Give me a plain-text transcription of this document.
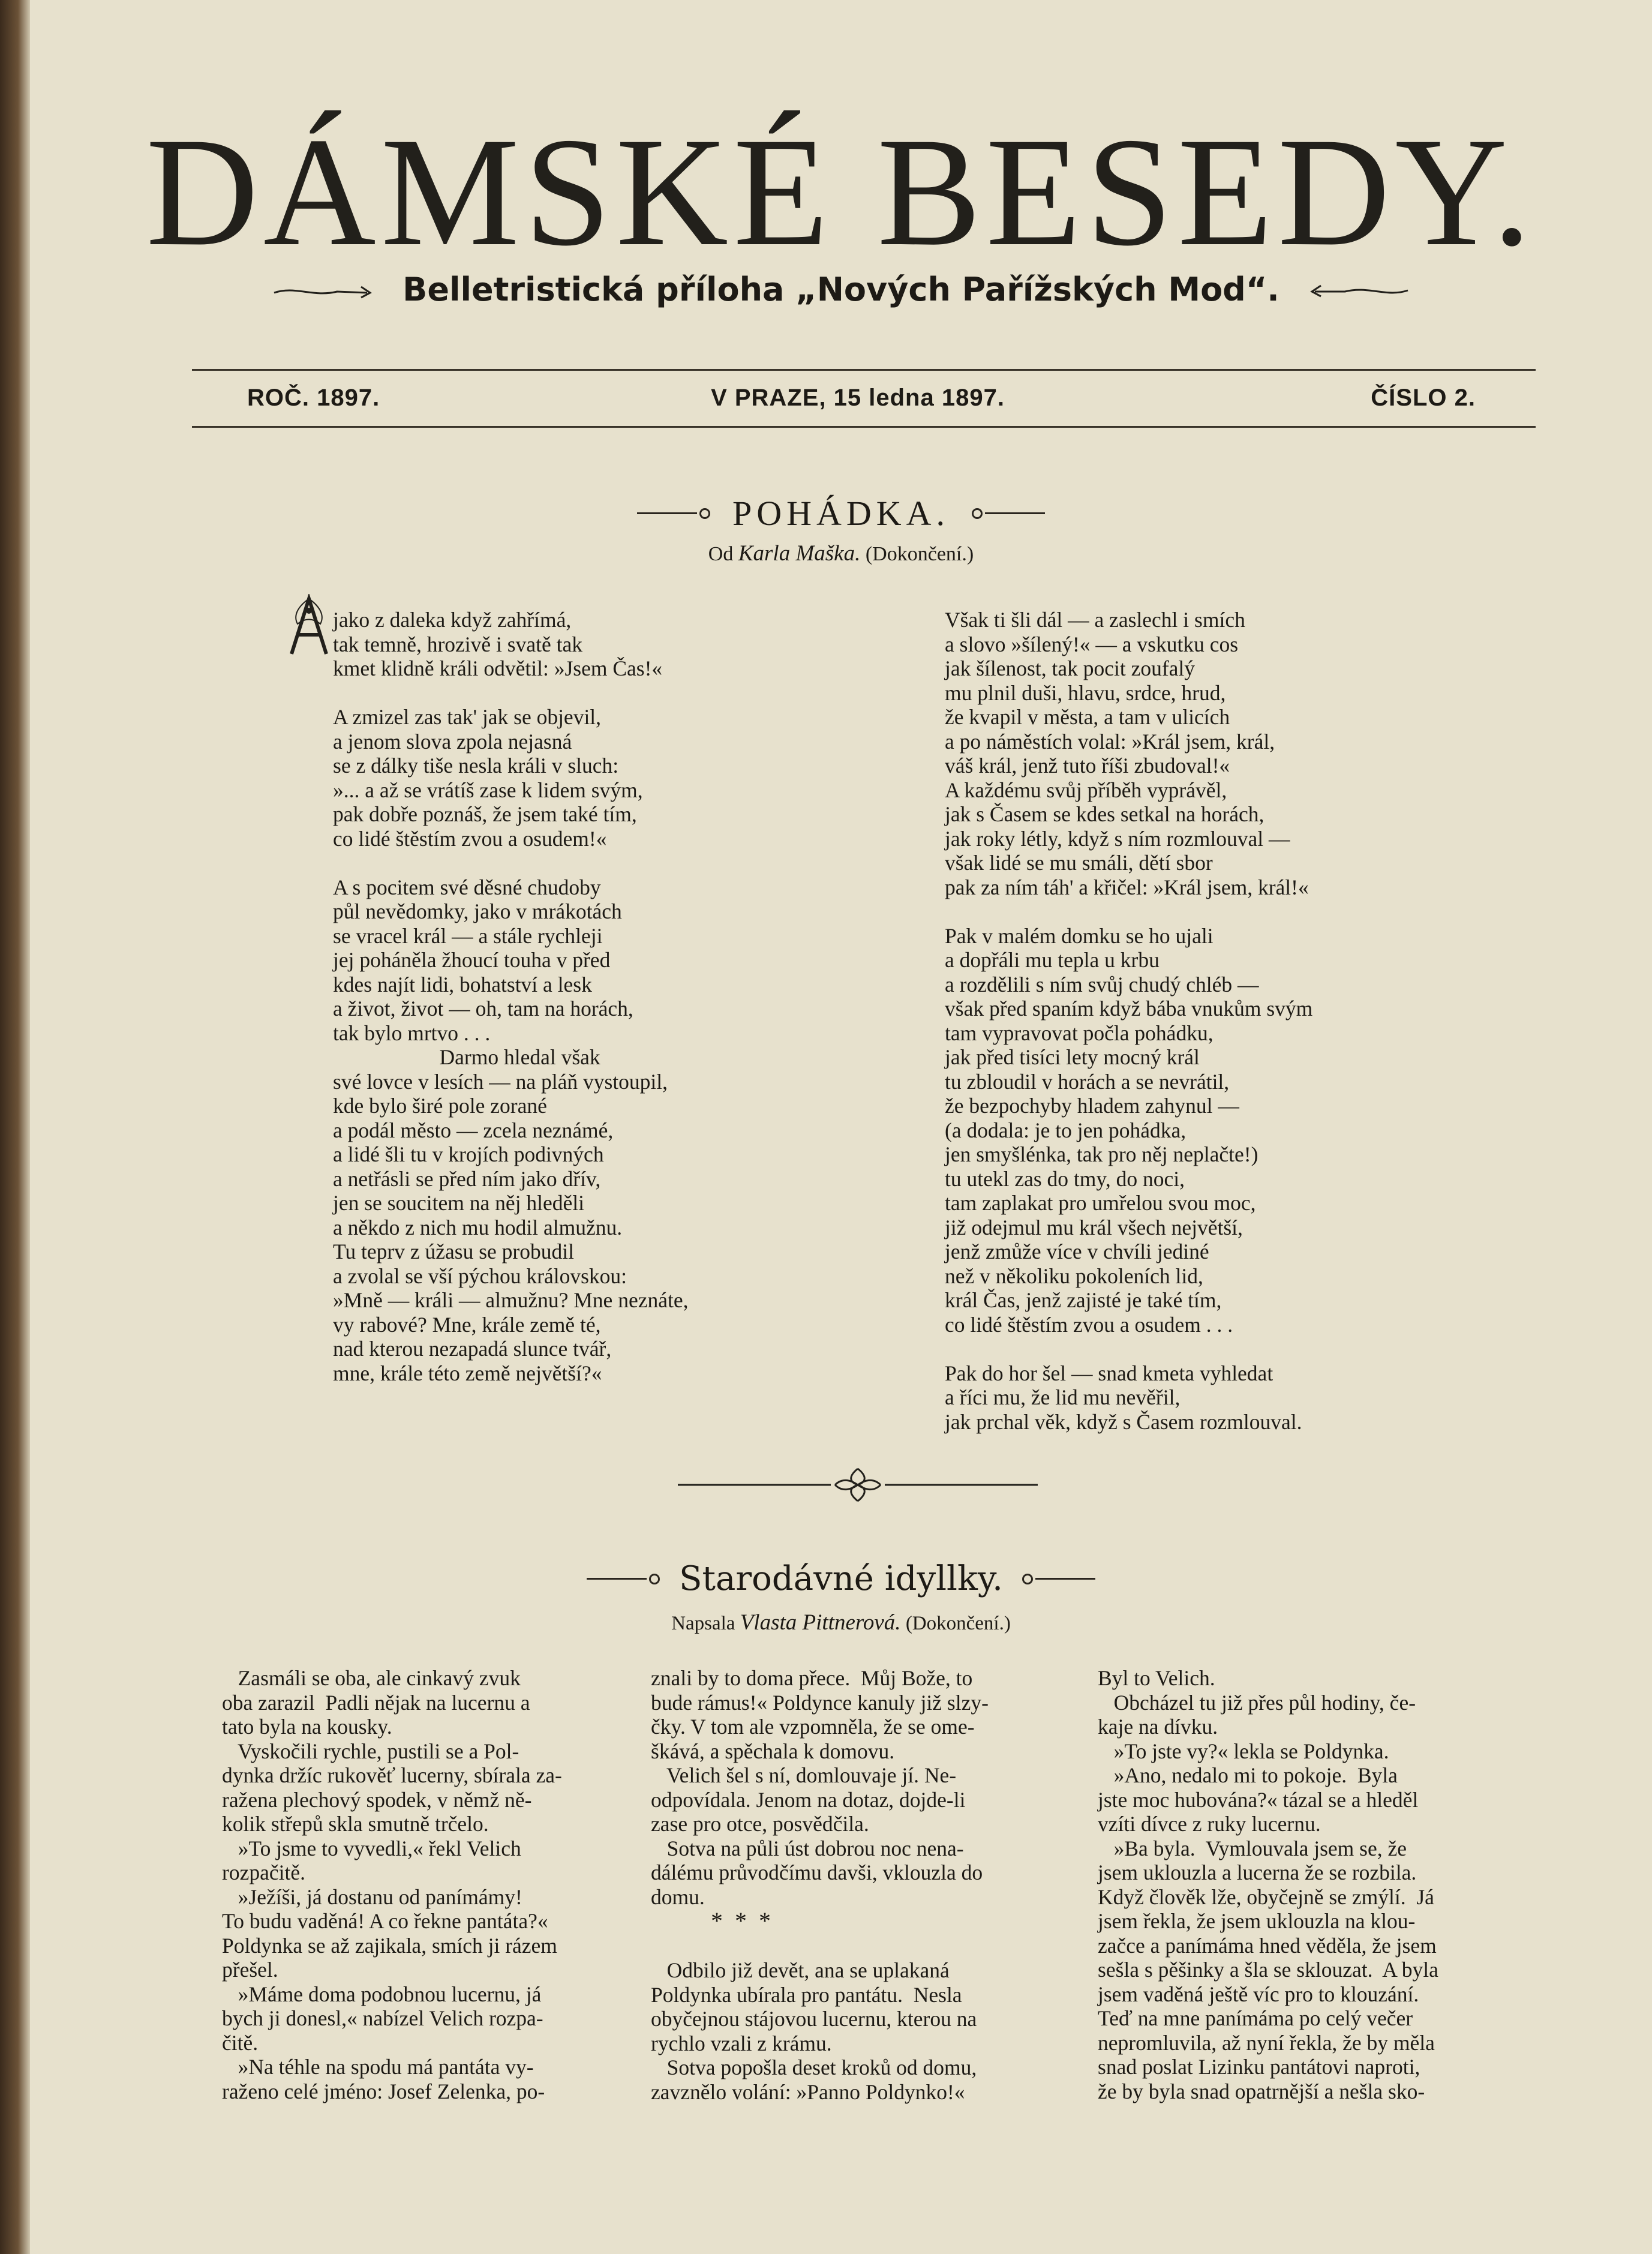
DÁMSKÉ BESEDY.
Belletristická příloha „Nových Pařížských Mod“.
ROČ. 1897.	V PRAZE, 15 ledna 1897.	ČÍSLO 2.
POHÁDKA.
Od Karla Maška. (Dokončení.)
jako z daleka když zahřímá,
tak temně, hrozivě i svatě tak
kmet klidně králi odvětil: »Jsem Čas!«

A zmizel zas tak' jak se objevil,
a jenom slova zpola nejasná
se z dálky tiše nesla králi v sluch:
»... a až se vrátíš zase k lidem svým,
pak dobře poznáš, že jsem také tím,
co lidé štěstím zvou a osudem!«

A s pocitem své děsné chudoby
půl nevědomky, jako v mrákotách
se vracel král — a stále rychleji
jej poháněla žhoucí touha v před
kdes najít lidi, bohatství a lesk
a život, život — oh, tam na horách,
tak bylo mrtvo . . .
Darmo hledal však
své lovce v lesích — na pláň vystoupil,
kde bylo širé pole zorané
a podál město — zcela neznámé,
a lidé šli tu v krojích podivných
a netřásli se před ním jako dřív,
jen se soucitem na něj hleděli
a někdo z nich mu hodil almužnu.
Tu teprv z úžasu se probudil
a zvolal se vší pýchou královskou:
»Mně — králi — almužnu? Mne neznáte,
vy rabové? Mne, krále země té,
nad kterou nezapadá slunce tvář,
mne, krále této země největší?«
Však ti šli dál — a zaslechl i smích
a slovo »šílený!« — a vskutku cos
jak šílenost, tak pocit zoufalý
mu plnil duši, hlavu, srdce, hrud,
že kvapil v města, a tam v ulicích
a po náměstích volal: »Král jsem, král,
váš král, jenž tuto říši zbudoval!«
A každému svůj příběh vyprávěl,
jak s Časem se kdes setkal na horách,
jak roky létly, když s ním rozmlouval —
však lidé se mu smáli, dětí sbor
pak za ním táh' a křičel: »Král jsem, král!«

Pak v malém domku se ho ujali
a dopřáli mu tepla u krbu
a rozdělili s ním svůj chudý chléb —
však před spaním když bába vnukům svým
tam vypravovat počla pohádku,
jak před tisíci lety mocný král
tu zbloudil v horách a se nevrátil,
že bezpochyby hladem zahynul —
(a dodala: je to jen pohádka,
jen smyšlénka, tak pro něj neplačte!)
tu utekl zas do tmy, do noci,
tam zaplakat pro umřelou svou moc,
již odejmul mu král všech největší,
jenž zmůže více v chvíli jediné
než v několiku pokoleních lid,
král Čas, jenž zajisté je také tím,
co lidé štěstím zvou a osudem . . .

Pak do hor šel — snad kmeta vyhledat
a říci mu, že lid mu nevěřil,
jak prchal věk, když s Časem rozmlouval.
Starodávné idyllky.
Napsala Vlasta Pittnerová. (Dokončení.)
Zasmáli se oba, ale cinkavý zvuk
oba zarazil  Padli nějak na lucernu a
tato byla na kousky.
Vyskočili rychle, pustili se a Pol-
dynka držíc rukověť lucerny, sbírala za-
ražena plechový spodek, v němž ně-
kolik střepů skla smutně trčelo.
»To jsme to vyvedli,« řekl Velich
rozpačitě.
»Ježíši, já dostanu od panímámy!
To budu vaděná! A co řekne pantáta?«
Poldynka se až zajikala, smích ji rázem
přešel.
»Máme doma podobnou lucernu, já
bych ji donesl,« nabízel Velich rozpa-
čitě.
»Na téhle na spodu má pantáta vy-
raženo celé jméno: Josef Zelenka, po-
znali by to doma přece.  Můj Bože, to
bude rámus!« Poldynce kanuly již slzy-
čky. V tom ale vzpomněla, že se ome-
škává, a spěchala k domovu.
Velich šel s ní, domlouvaje jí. Ne-
odpovídala. Jenom na dotaz, dojde-li
zase pro otce, posvědčila.
Sotva na půli úst dobrou noc nena-
dálému průvodčímu davši, vklouzla do
domu.
*  *  *

Odbilo již devět, ana se uplakaná
Poldynka ubírala pro pantátu.  Nesla
obyčejnou stájovou lucernu, kterou na
rychlo vzali z krámu.
Sotva popošla deset kroků od domu,
zavznělo volání: »Panno Poldynko!«
Byl to Velich.
Obcházel tu již přes půl hodiny, če-
kaje na dívku.
»To jste vy?« lekla se Poldynka.
»Ano, nedalo mi to pokoje.  Byla
jste moc hubována?« tázal se a hleděl
vzíti dívce z ruky lucernu.
»Ba byla.  Vymlouvala jsem se, že
jsem uklouzla a lucerna že se rozbila.
Když člověk lže, obyčejně se zmýlí.  Já
jsem řekla, že jsem uklouzla na klou-
začce a panímáma hned věděla, že jsem
sešla s pěšinky a šla se sklouzat.  A byla
jsem vaděná ještě víc pro to klouzání.
Teď na mne panímáma po celý večer
nepromluvila, až nyní řekla, že by měla
snad poslat Lizinku pantátovi naproti,
že by byla snad opatrnější a nešla sko-
